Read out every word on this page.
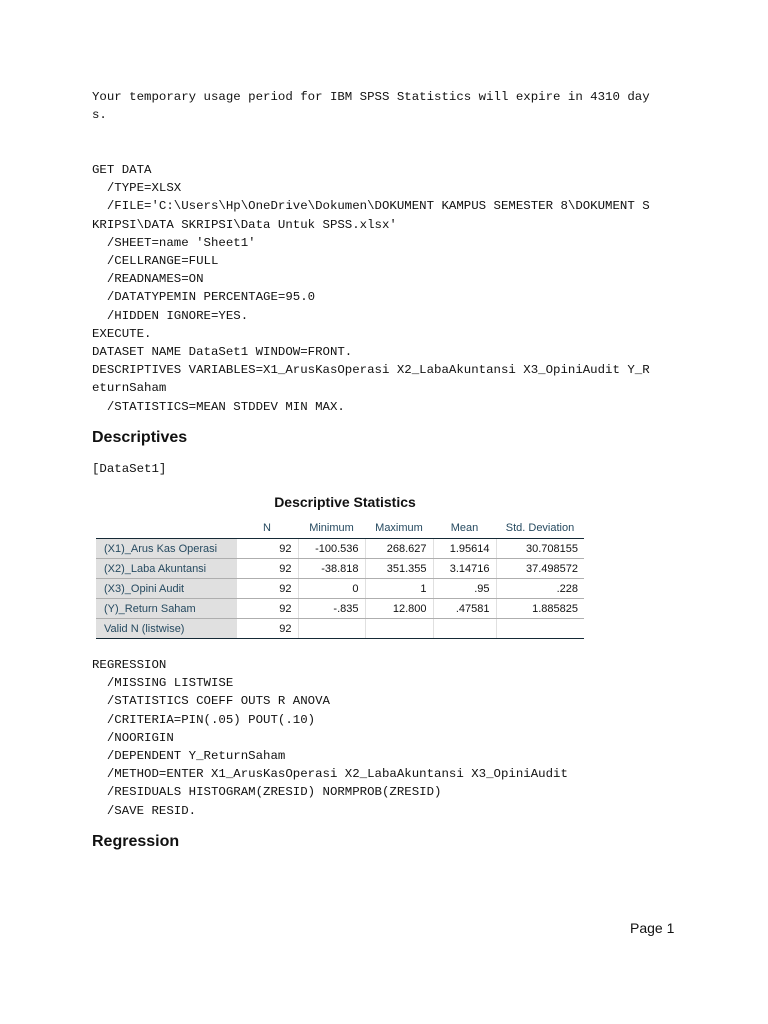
Your temporary usage period for IBM SPSS Statistics will expire in 4310 day
s.
GET DATA
/TYPE=XLSX
/FILE='C:\Users\Hp\OneDrive\Dokumen\DOKUMENT KAMPUS SEMESTER 8\DOKUMENT S
KRIPSI\DATA SKRIPSI\Data Untuk SPSS.xlsx'
/SHEET=name 'Sheet1'
/CELLRANGE=FULL
/READNAMES=ON
/DATATYPEMIN PERCENTAGE=95.0
/HIDDEN IGNORE=YES.
EXECUTE.
DATASET NAME DataSet1 WINDOW=FRONT.
DESCRIPTIVES VARIABLES=X1_ArusKasOperasi X2_LabaAkuntansi X3_OpiniAudit Y_R
eturnSaham
/STATISTICS=MEAN STDDEV MIN MAX.
Descriptives
[DataSet1]
Descriptive Statistics
	N	Minimum	Maximum	Mean	Std. Deviation
(X1)_Arus Kas Operasi	92	-100.536	268.627	1.95614	30.708155
(X2)_Laba Akuntansi	92	-38.818	351.355	3.14716	37.498572
(X3)_Opini Audit	92	0	1	.95	.228
(Y)_Return Saham	92	-.835	12.800	.47581	1.885825
Valid N (listwise)	92				
REGRESSION
/MISSING LISTWISE
/STATISTICS COEFF OUTS R ANOVA
/CRITERIA=PIN(.05) POUT(.10)
/NOORIGIN
/DEPENDENT Y_ReturnSaham
/METHOD=ENTER X1_ArusKasOperasi X2_LabaAkuntansi X3_OpiniAudit
/RESIDUALS HISTOGRAM(ZRESID) NORMPROB(ZRESID)
/SAVE RESID.
Regression
Page 1
